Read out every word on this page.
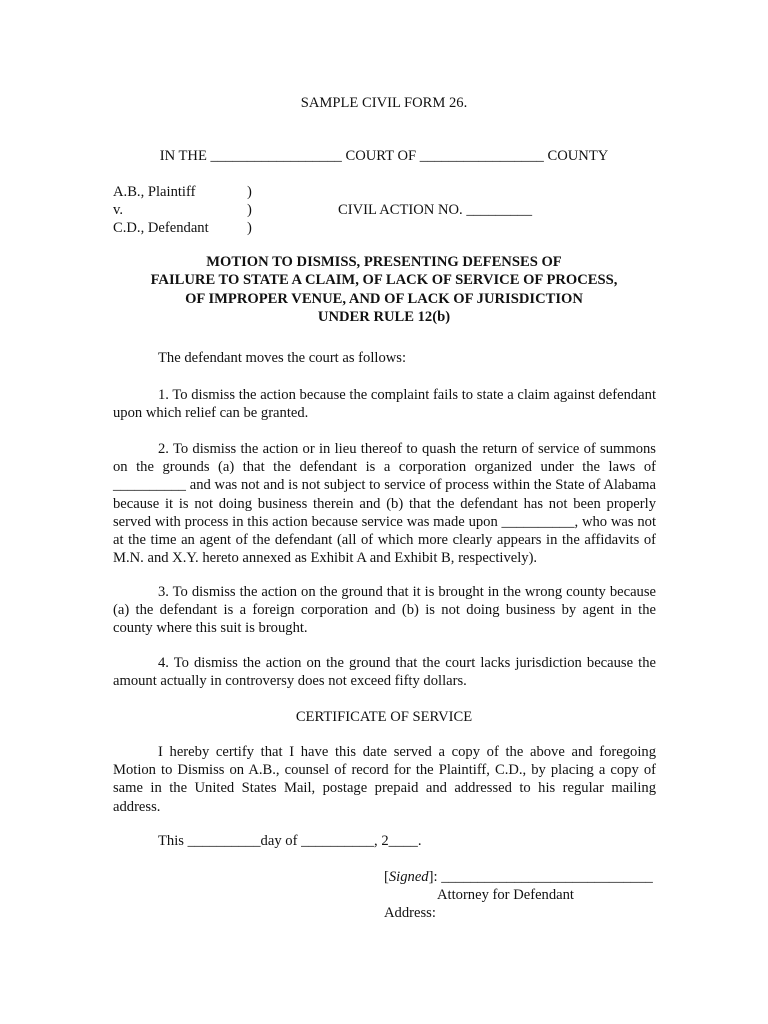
SAMPLE CIVIL FORM 26.
IN THE __________________ COURT OF _________________ COUNTY
A.B., Plaintiff
v.
C.D., Defendant
)
)
)
CIVIL ACTION NO. _________
MOTION TO DISMISS, PRESENTING DEFENSES OF
FAILURE TO STATE A CLAIM, OF LACK OF SERVICE OF PROCESS,
OF IMPROPER VENUE, AND OF LACK OF JURISDICTION
UNDER RULE 12(b)
The defendant moves the court as follows:
1. To dismiss the action because the complaint fails to state a claim against defendant upon which relief can be granted.
2. To dismiss the action or in lieu thereof to quash the return of service of summons on the grounds (a) that the defendant is a corporation organized under the laws of __________ and was not and is not subject to service of process within the State of Alabama because it is not doing business therein and (b) that the defendant has not been properly served with process in this action because service was made upon __________, who was not at the time an agent of the defendant (all of which more clearly appears in the affidavits of M.N. and X.Y. hereto annexed as Exhibit A and Exhibit B, respectively).
3. To dismiss the action on the ground that it is brought in the wrong county because (a) the defendant is a foreign corporation and (b) is not doing business by agent in the county where this suit is brought.
4. To dismiss the action on the ground that the court lacks jurisdiction because the amount actually in controversy does not exceed fifty dollars.
CERTIFICATE OF SERVICE
I hereby certify that I have this date served a copy of the above and foregoing Motion to Dismiss on A.B., counsel of record for the Plaintiff, C.D., by placing a copy of same in the United States Mail, postage prepaid and addressed to his regular mailing address.
This __________day of __________, 2____.
[Signed]: _____________________________
Attorney for Defendant
Address:
